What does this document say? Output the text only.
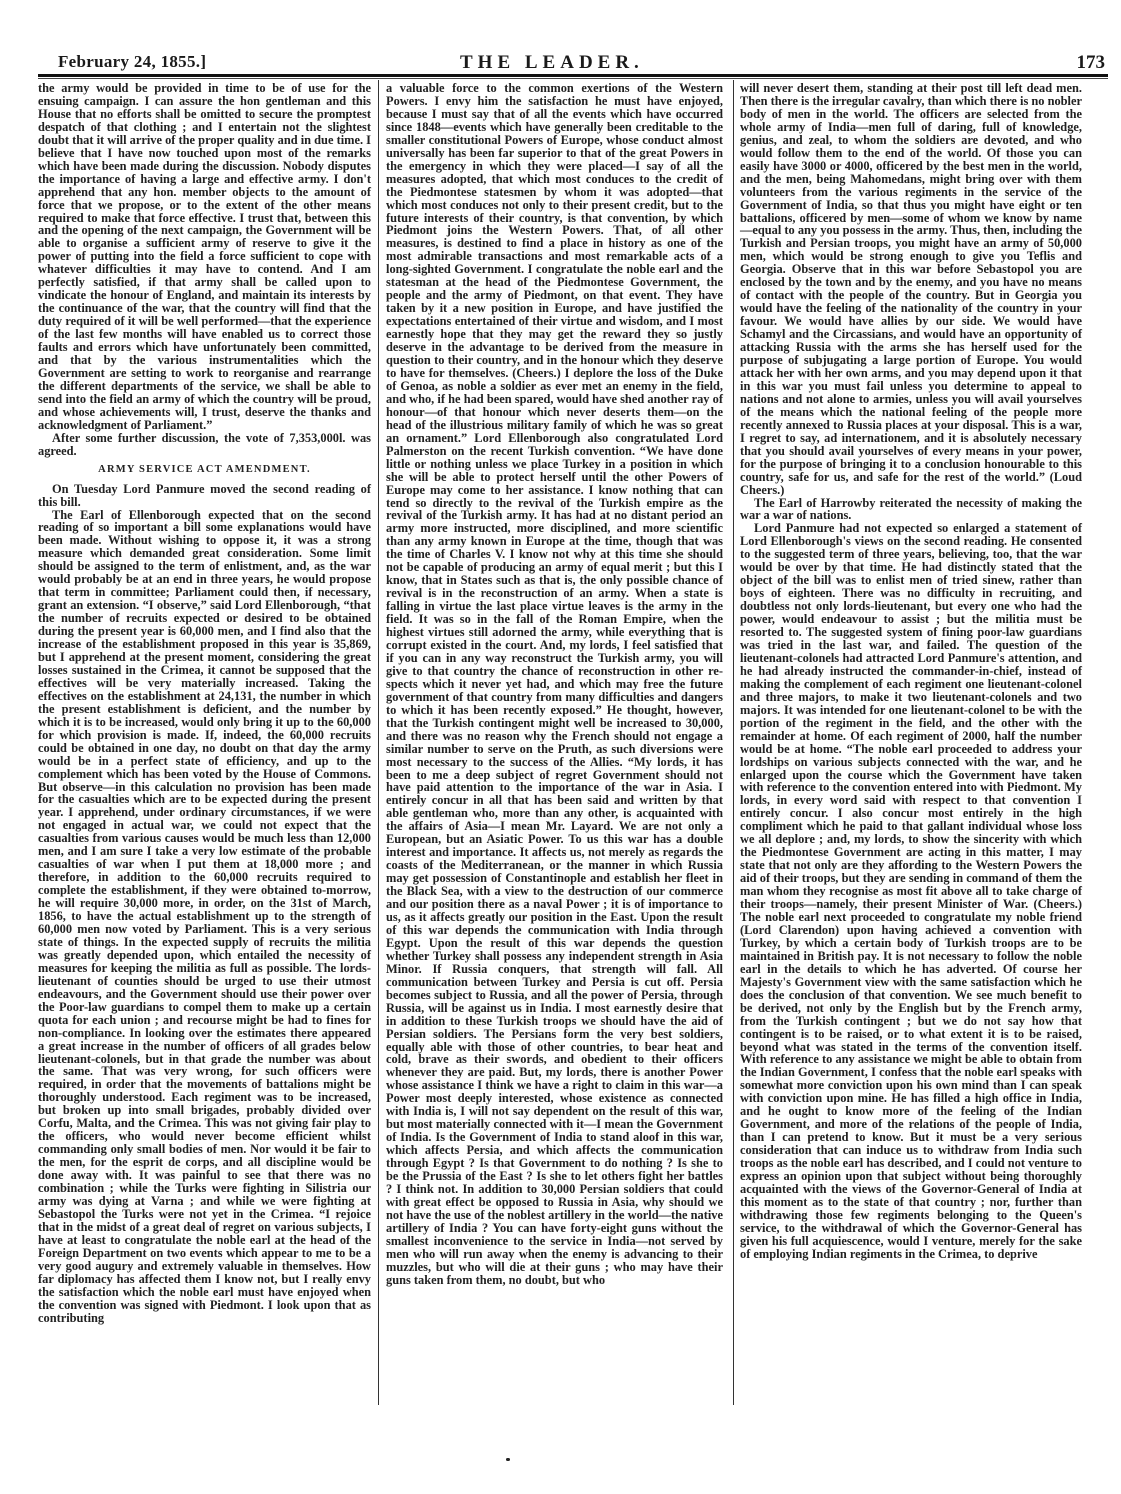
February 24, 1855.]	THE LEADER.	173

the army would be provided in time to be of use for the ensuing campaign. I can assure the hon gentleman and this House that no efforts shall be omitted to secure the promptest despatch of that clothing ; and I entertain not the slightest doubt that it will arrive of the proper quality and in due time. I believe that I have now touched upon most of the remarks which have been made during the discussion. Nobody disputes the importance of having a large and effective army. I don't apprehend that any hon. member objects to the amount of force that we propose, or to the extent of the other means required to make that force effective. I trust that, between this and the opening of the next campaign, the Government will be able to organise a sufficient army of reserve to give it the power of putting into the field a force sufficient to cope with whatever difficulties it may have to contend. And I am perfectly satisfied, if that army shall be called upon to vindicate the honour of England, and maintain its interests by the continuance of the war, that the country will find that the duty required of it will be well performed—that the experience of the last few months will have enabled us to correct those faults and errors which have unfortunately been committed, and that by the various instrumentalities which the Government are setting to work to reorganise and rearrange the different departments of the service, we shall be able to send into the field an army of which the country will be proud, and whose achievements will, I trust, deserve the thanks and acknowledgment of Parliament.”

After some further discussion, the vote of 7,353,000l. was agreed.

ARMY SERVICE ACT AMENDMENT.

On Tuesday Lord Panmure moved the second reading of this bill.

The Earl of Ellenborough expected that on the second reading of so important a bill some explanations would have been made. Without wishing to oppose it, it was a strong measure which demanded great consideration. Some limit should be assigned to the term of enlistment, and, as the war would probably be at an end in three years, he would propose that term in committee; Parliament could then, if necessary, grant an extension. “I observe,” said Lord Ellenborough, “that the number of recruits expected or desired to be obtained during the present year is 60,000 men, and I find also that the increase of the establishment proposed in this year is 35,869, but I apprehend at the present moment, considering the great losses sustained in the Crimea, it cannot be supposed that the effectives will be very materially increased. Taking the effectives on the establishment at 24,131, the number in which the present establishment is deficient, and the number by which it is to be increased, would only bring it up to the 60,000 for which provision is made. If, indeed, the 60,000 recruits could be obtained in one day, no doubt on that day the army would be in a perfect state of efficiency, and up to the complement which has been voted by the House of Commons. But observe—in this calculation no provision has been made for the casualties which are to be expected during the present year. I apprehend, under ordinary circumstances, if we were not engaged in actual war, we could not expect that the casualties from various causes would be much less than 12,000 men, and I am sure I take a very low estimate of the probable casualties of war when I put them at 18,000 more ; and therefore, in addition to the 60,000 recruits required to complete the establishment, if they were obtained to-morrow, he will require 30,000 more, in order, on the 31st of March, 1856, to have the actual establishment up to the strength of 60,000 men now voted by Parliament. This is a very serious state of things. In the expected supply of recruits the militia was greatly depended upon, which entailed the necessity of measures for keeping the militia as full as possible. The lords-lieutenant of counties should be urged to use their utmost endeavours, and the Government should use their power over the Poor-law guardians to compel them to make up a certain quota for each union ; and recourse might be had to fines for non-compliance. In looking over the estimates there appeared a great increase in the number of officers of all grades below lieutenant-colonels, but in that grade the number was about the same. That was very wrong, for such officers were required, in order that the movements of battalions might be thoroughly understood. Each regiment was to be increased, but broken up into small brigades, probably divided over Corfu, Malta, and the Crimea. This was not giving fair play to the officers, who would never become efficient whilst commanding only small bodies of men. Nor would it be fair to the men, for the esprit de corps, and all discipline would be done away with. It was painful to see that there was no combination ; while the Turks were fighting in Silistria our army was dying at Varna ; and while we were fighting at Sebastopol the Turks were not yet in the Crimea. “I rejoice that in the midst of a great deal of regret on various subjects, I have at least to congratulate the noble earl at the head of the Foreign Department on two events which appear to me to be a very good augury and extremely valuable in themselves. How far diplomacy has affected them I know not, but I really envy the satisfaction which the noble earl must have enjoyed when the convention was signed with Piedmont. I look upon that as contributing

a valuable force to the common exertions of the Western Powers. I envy him the satisfaction he must have enjoyed, because I must say that of all the events which have occurred since 1848—events which have generally been creditable to the smaller constitutional Powers of Europe, whose conduct almost universally has been far superior to that of the great Powers in the emergency in which they were placed—I say of all the measures adopted, that which most conduces to the credit of the Piedmontese statesmen by whom it was adopted—that which most conduces not only to their present credit, but to the future interests of their country, is that convention, by which Piedmont joins the Western Powers. That, of all other measures, is destined to find a place in history as one of the most admirable transactions and most remarkable acts of a long-sighted Government. I congratulate the noble earl and the statesman at the head of the Piedmontese Government, the people and the army of Piedmont, on that event. They have taken by it a new position in Europe, and have justified the expectations entertained of their virtue and wisdom, and I most earnestly hope that they may get the reward they so justly deserve in the advantage to be derived from the measure in question to their country, and in the honour which they deserve to have for themselves. (Cheers.) I deplore the loss of the Duke of Genoa, as noble a soldier as ever met an enemy in the field, and who, if he had been spared, would have shed another ray of honour—of that honour which never deserts them—on the head of the illustrious military family of which he was so great an ornament.” Lord Ellenborough also congratulated Lord Palmerston on the recent Turkish convention. “We have done little or nothing unless we place Turkey in a position in which she will be able to protect herself until the other Powers of Europe may come to her assistance. I know nothing that can tend so directly to the revival of the Turkish empire as the revival of the Turkish army. It has had at no distant period an army more instructed, more disciplined, and more scientific than any army known in Europe at the time, though that was the time of Charles V. I know not why at this time she should not be capable of producing an army of equal merit ; but this I know, that in States such as that is, the only possible chance of revival is in the reconstruction of an army. When a state is falling in virtue the last place virtue leaves is the army in the field. It was so in the fall of the Roman Empire, when the highest virtues still adorned the army, while everything that is corrupt existed in the court. And, my lords, I feel satisfied that if you can in any way reconstruct the Turkish army, you will give to that country the chance of reconstruction in other respects which it never yet had, and which may free the future government of that country from many difficulties and dangers to which it has been recently exposed.” He thought, however, that the Turkish contingent might well be increased to 30,000, and there was no reason why the French should not engage a similar number to serve on the Pruth, as such diversions were most necessary to the success of the Allies. “My lords, it has been to me a deep subject of regret Government should not have paid attention to the importance of the war in Asia. I entirely concur in all that has been said and written by that able gentleman who, more than any other, is acquainted with the affairs of Asia—I mean Mr. Layard. We are not only a European, but an Asiatic Power. To us this war has a double interest and importance. It affects us, not merely as regards the coasts of the Mediterranean, or the manner in which Russia may get possession of Constantinople and establish her fleet in the Black Sea, with a view to the destruction of our commerce and our position there as a naval Power ; it is of importance to us, as it affects greatly our position in the East. Upon the result of this war depends the communication with India through Egypt. Upon the result of this war depends the question whether Turkey shall possess any independent strength in Asia Minor. If Russia conquers, that strength will fall. All communication between Turkey and Persia is cut off. Persia becomes subject to Russia, and all the power of Persia, through Russia, will be against us in India. I most earnestly desire that in addition to these Turkish troops we should have the aid of Persian soldiers. The Persians form the very best soldiers, equally able with those of other countries, to bear heat and cold, brave as their swords, and obedient to their officers whenever they are paid. But, my lords, there is another Power whose assistance I think we have a right to claim in this war—a Power most deeply interested, whose existence as connected with India is, I will not say dependent on the result of this war, but most materially connected with it—I mean the Government of India. Is the Government of India to stand aloof in this war, which affects Persia, and which affects the communication through Egypt ? Is that Government to do nothing ? Is she to be the Prussia of the East ? Is she to let others fight her battles ? I think not. In addition to 30,000 Persian soldiers that could with great effect be opposed to Russia in Asia, why should we not have the use of the noblest artillery in the world—the native artillery of India ? You can have forty-eight guns without the smallest inconvenience to the service in India—not served by men who will run away when the enemy is advancing to their muzzles, but who will die at their guns ; who may have their guns taken from them, no doubt, but who

will never desert them, standing at their post till left dead men. Then there is the irregular cavalry, than which there is no nobler body of men in the world. The officers are selected from the whole army of India—men full of daring, full of knowledge, genius, and zeal, to whom the soldiers are devoted, and who would follow them to the end of the world. Of those you can easily have 3000 or 4000, officered by the best men in the world, and the men, being Mahomedans, might bring over with them volunteers from the various regiments in the service of the Government of India, so that thus you might have eight or ten battalions, officered by men—some of whom we know by name—equal to any you possess in the army. Thus, then, including the Turkish and Persian troops, you might have an army of 50,000 men, which would be strong enough to give you Teflis and Georgia. Observe that in this war before Sebastopol you are enclosed by the town and by the enemy, and you have no means of contact with the people of the country. But in Georgia you would have the feeling of the nationality of the country in your favour. We would have allies by our side. We would have Schamyl and the Circassians, and would have an opportunity of attacking Russia with the arms she has herself used for the purpose of subjugating a large portion of Europe. You would attack her with her own arms, and you may depend upon it that in this war you must fail unless you determine to appeal to nations and not alone to armies, unless you will avail yourselves of the means which the national feeling of the people more recently annexed to Russia places at your disposal. This is a war, I regret to say, ad internationem, and it is absolutely necessary that you should avail yourselves of every means in your power, for the purpose of bringing it to a conclusion honourable to this country, safe for us, and safe for the rest of the world.” (Loud Cheers.)

The Earl of Harrowby reiterated the necessity of making the war a war of nations.

Lord Panmure had not expected so enlarged a statement of Lord Ellenborough's views on the second reading. He consented to the suggested term of three years, believing, too, that the war would be over by that time. He had distinctly stated that the object of the bill was to enlist men of tried sinew, rather than boys of eighteen. There was no difficulty in recruiting, and doubtless not only lords-lieutenant, but every one who had the power, would endeavour to assist ; but the militia must be resorted to. The suggested system of fining poor-law guardians was tried in the last war, and failed. The question of the lieutenant-colonels had attracted Lord Panmure's attention, and he had already instructed the commander-in-chief, instead of making the complement of each regiment one lieutenant-colonel and three majors, to make it two lieutenant-colonels and two majors. It was intended for one lieutenant-colonel to be with the portion of the regiment in the field, and the other with the remainder at home. Of each regiment of 2000, half the number would be at home. “The noble earl proceeded to address your lordships on various subjects connected with the war, and he enlarged upon the course which the Government have taken with reference to the convention entered into with Piedmont. My lords, in every word said with respect to that convention I entirely concur. I also concur most entirely in the high compliment which he paid to that gallant individual whose loss we all deplore ; and, my lords, to show the sincerity with which the Piedmontese Government are acting in this matter, I may state that not only are they affording to the Western Powers the aid of their troops, but they are sending in command of them the man whom they recognise as most fit above all to take charge of their troops—namely, their present Minister of War. (Cheers.) The noble earl next proceeded to congratulate my noble friend (Lord Clarendon) upon having achieved a convention with Turkey, by which a certain body of Turkish troops are to be maintained in British pay. It is not necessary to follow the noble earl in the details to which he has adverted. Of course her Majesty's Government view with the same satisfaction which he does the conclusion of that convention. We see much benefit to be derived, not only by the English but by the French army, from the Turkish contingent ; but we do not say how that contingent is to be raised, or to what extent it is to be raised, beyond what was stated in the terms of the convention itself. With reference to any assistance we might be able to obtain from the Indian Government, I confess that the noble earl speaks with somewhat more conviction upon his own mind than I can speak with conviction upon mine. He has filled a high office in India, and he ought to know more of the feeling of the Indian Government, and more of the relations of the people of India, than I can pretend to know. But it must be a very serious consideration that can induce us to withdraw from India such troops as the noble earl has described, and I could not venture to express an opinion upon that subject without being thoroughly acquainted with the views of the Governor-General of India at this moment as to the state of that country ; nor, further than withdrawing those few regiments belonging to the Queen's service, to the withdrawal of which the Governor-General has given his full acquiescence, would I venture, merely for the sake of employing Indian regiments in the Crimea, to deprive
